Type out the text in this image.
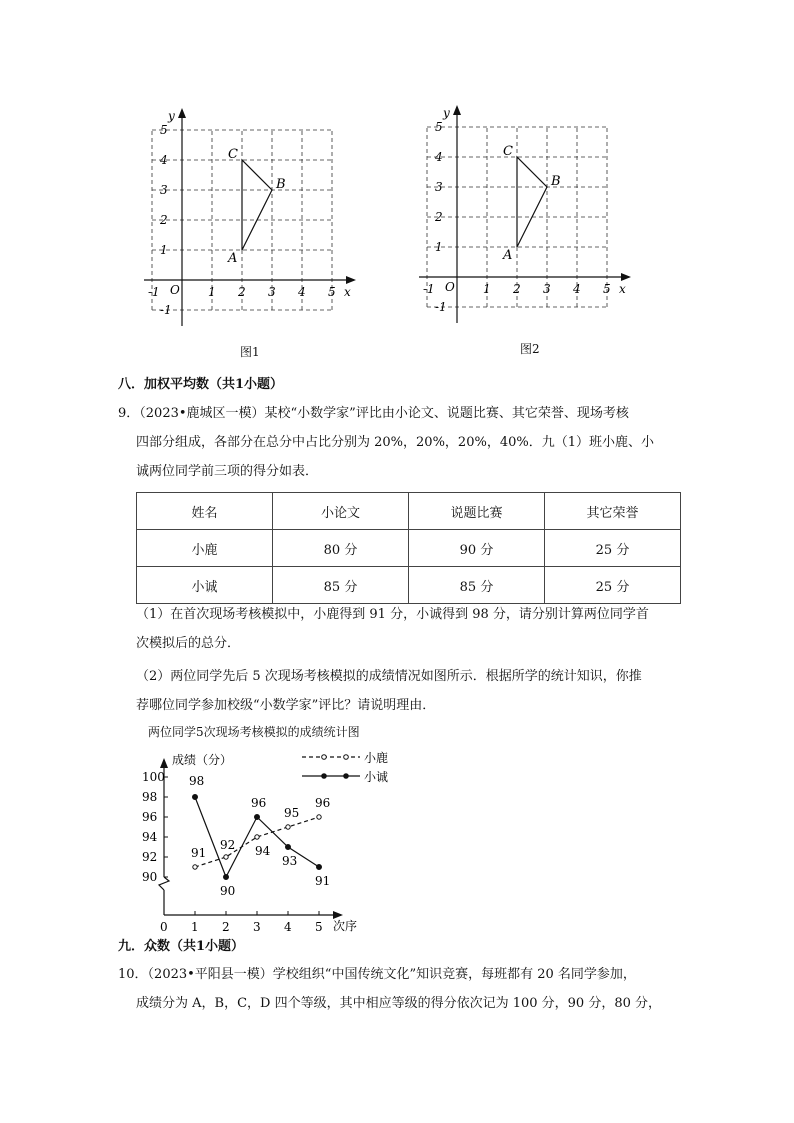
-1	1 2 3 4 5
-1
1
2
3
4
5
O	x
y
A
B
C
图1
-1	1 2 3 4 5
-1
1
2
3
4
5
O	x
y
A
B
C
图2
八．加权平均数（共1小题）
9．（2023•鹿城区一模）某校“小数学家”评比由小论文、说题比赛、其它荣誉、现场考核
四部分组成，各部分在总分中占比分别为 20%，20%，20%，40%．九（1）班小鹿、小
诚两位同学前三项的得分如表．
姓名	小论文	说题比赛	其它荣誉
小鹿	80 分	90 分	25 分
小诚	85 分	85 分	25 分
（1）在首次现场考核模拟中，小鹿得到 91 分，小诚得到 98 分，请分别计算两位同学首
次模拟后的总分．
（2）两位同学先后 5 次现场考核模拟的成绩情况如图所示．根据所学的统计知识，你推
荐哪位同学参加校级“小数学家”评比？请说明理由．
两位同学5次现场考核模拟的成绩统计图
成绩（分）
次序
90
92
94
96
98
100
0 1 2 3 4 5
91
92 94
95
96
98
90
96
93
91
小鹿
小诚
九．众数（共1小题）
10．（2023•平阳县一模）学校组织“中国传统文化”知识竞赛，每班都有 20 名同学参加，
成绩分为 A，B，C，D 四个等级，其中相应等级的得分依次记为 100 分，90 分，80 分，
